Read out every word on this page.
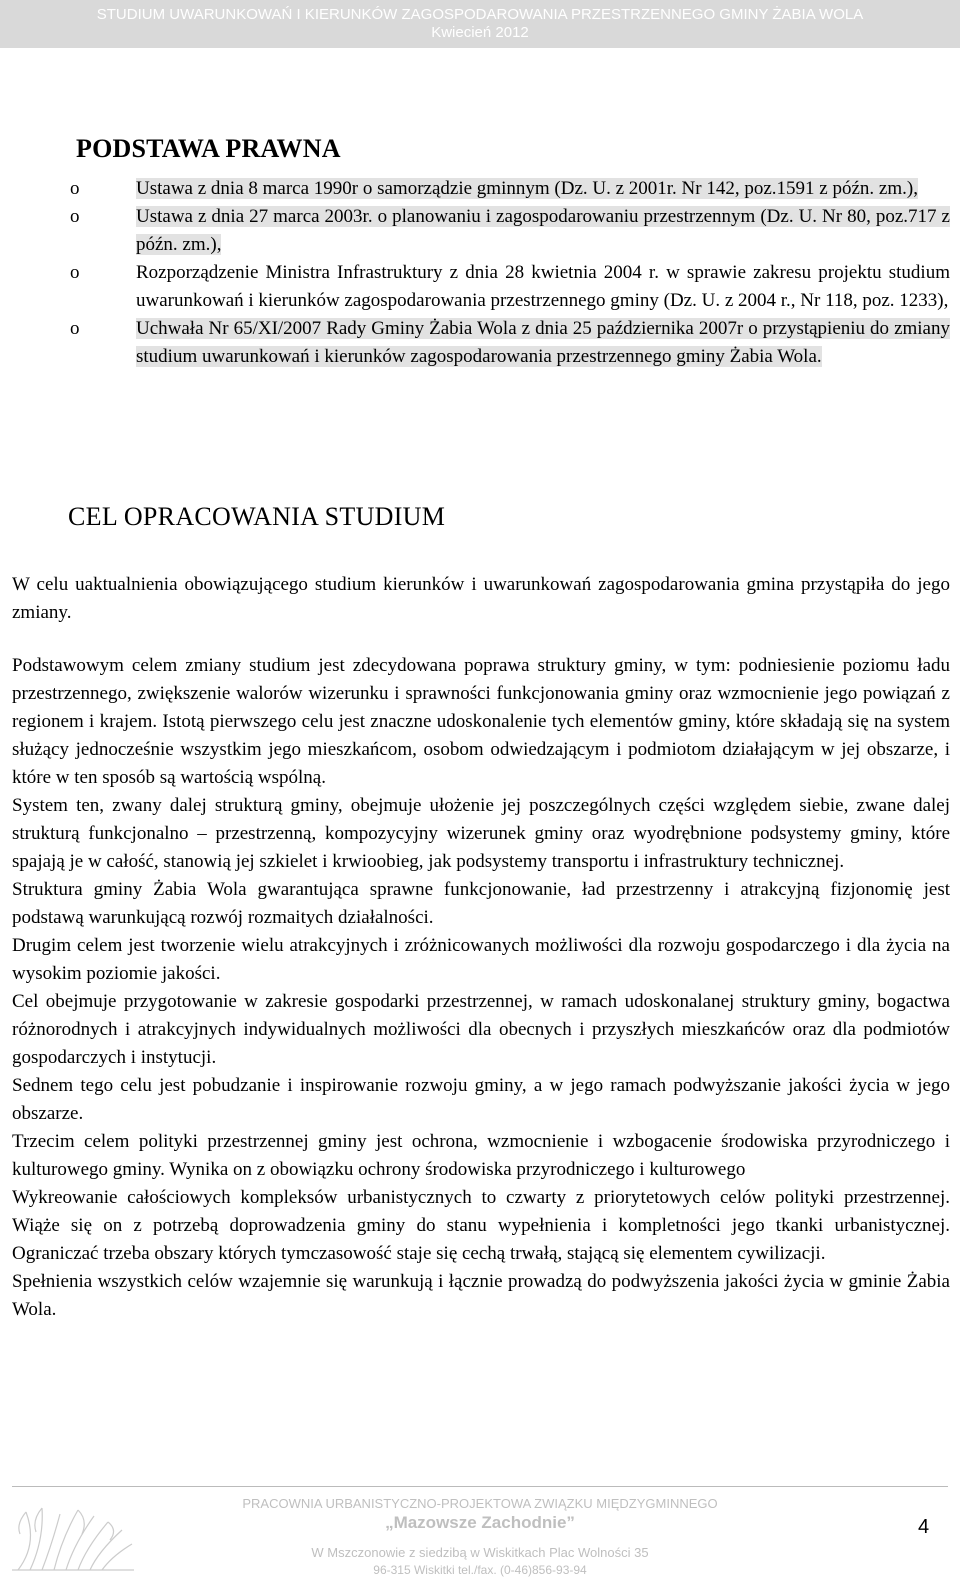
STUDIUM UWARUNKOWAŃ I KIERUNKÓW ZAGOSPODAROWANIA PRZESTRZENNEGO GMINY ŻABIA WOLA
Kwiecień 2012
PODSTAWA PRAWNA
o	Ustawa z dnia 8 marca 1990r o samorządzie gminnym (Dz. U. z 2001r. Nr 142, poz.1591 z późn. zm.),
o	Ustawa z dnia 27 marca 2003r. o planowaniu i zagospodarowaniu przestrzennym (Dz. U. Nr 80, poz.717 z późn. zm.),
o	Rozporządzenie Ministra Infrastruktury z dnia 28 kwietnia 2004 r. w sprawie zakresu projektu studium uwarunkowań i kierunków zagospodarowania przestrzennego gminy (Dz. U. z 2004 r., Nr 118, poz. 1233),
o	Uchwała Nr 65/XI/2007 Rady Gminy Żabia Wola z dnia 25 października 2007r o przystąpieniu do zmiany studium uwarunkowań i kierunków zagospodarowania przestrzennego gminy Żabia Wola.
CEL OPRACOWANIA STUDIUM

W celu uaktualnienia obowiązującego studium kierunków i uwarunkowań zagospodarowania gmina przystąpiła do jego zmiany.

Podstawowym celem zmiany studium jest zdecydowana poprawa struktury gminy, w tym: podniesienie poziomu ładu przestrzennego, zwiększenie walorów wizerunku i sprawności funkcjonowania gminy oraz wzmocnienie jego powiązań z regionem i krajem. Istotą pierwszego celu jest znaczne udoskonalenie tych elementów gminy, które składają się na system służący jednocześnie wszystkim jego mieszkańcom, osobom odwiedzającym i podmiotom działającym w jej obszarze, i które w ten sposób są wartością wspólną.
System ten, zwany dalej strukturą gminy, obejmuje ułożenie jej poszczególnych części względem siebie, zwane dalej strukturą funkcjonalno – przestrzenną, kompozycyjny wizerunek gminy oraz wyodrębnione podsystemy gminy, które spajają je w całość, stanowią jej szkielet i krwioobieg, jak podsystemy transportu i infrastruktury technicznej.
Struktura gminy Żabia Wola gwarantująca sprawne funkcjonowanie, ład przestrzenny i atrakcyjną fizjonomię jest podstawą warunkującą rozwój rozmaitych działalności.
Drugim celem jest tworzenie wielu atrakcyjnych i zróżnicowanych możliwości dla rozwoju gospodarczego i dla życia na wysokim poziomie jakości.
Cel obejmuje przygotowanie w zakresie gospodarki przestrzennej, w ramach udoskonalanej struktury gminy, bogactwa różnorodnych i atrakcyjnych indywidualnych możliwości dla obecnych i przyszłych mieszkańców oraz dla podmiotów gospodarczych i instytucji.
Sednem tego celu jest pobudzanie i inspirowanie rozwoju gminy, a w jego ramach podwyższanie jakości życia w jego obszarze.
Trzecim celem polityki przestrzennej gminy jest ochrona, wzmocnienie i wzbogacenie środowiska przyrodniczego i kulturowego gminy. Wynika on z obowiązku ochrony środowiska przyrodniczego i kulturowego
Wykreowanie całościowych kompleksów urbanistycznych to czwarty z priorytetowych celów polityki przestrzennej. Wiąże się on z potrzebą doprowadzenia gminy do stanu wypełnienia i kompletności jego tkanki urbanistycznej. Ograniczać trzeba obszary których tymczasowość staje się cechą trwałą, stającą się elementem cywilizacji.
Spełnienia wszystkich celów wzajemnie się warunkują i łącznie prowadzą do podwyższenia jakości życia w gminie Żabia Wola.
PRACOWNIA URBANISTYCZNO-PROJEKTOWA ZWIĄZKU MIĘDZYGMINNEGO
„Mazowsze Zachodnie”
W Mszczonowie z siedzibą w Wiskitkach Plac Wolności 35
96-315 Wiskitki tel./fax. (0-46)856-93-94
4
